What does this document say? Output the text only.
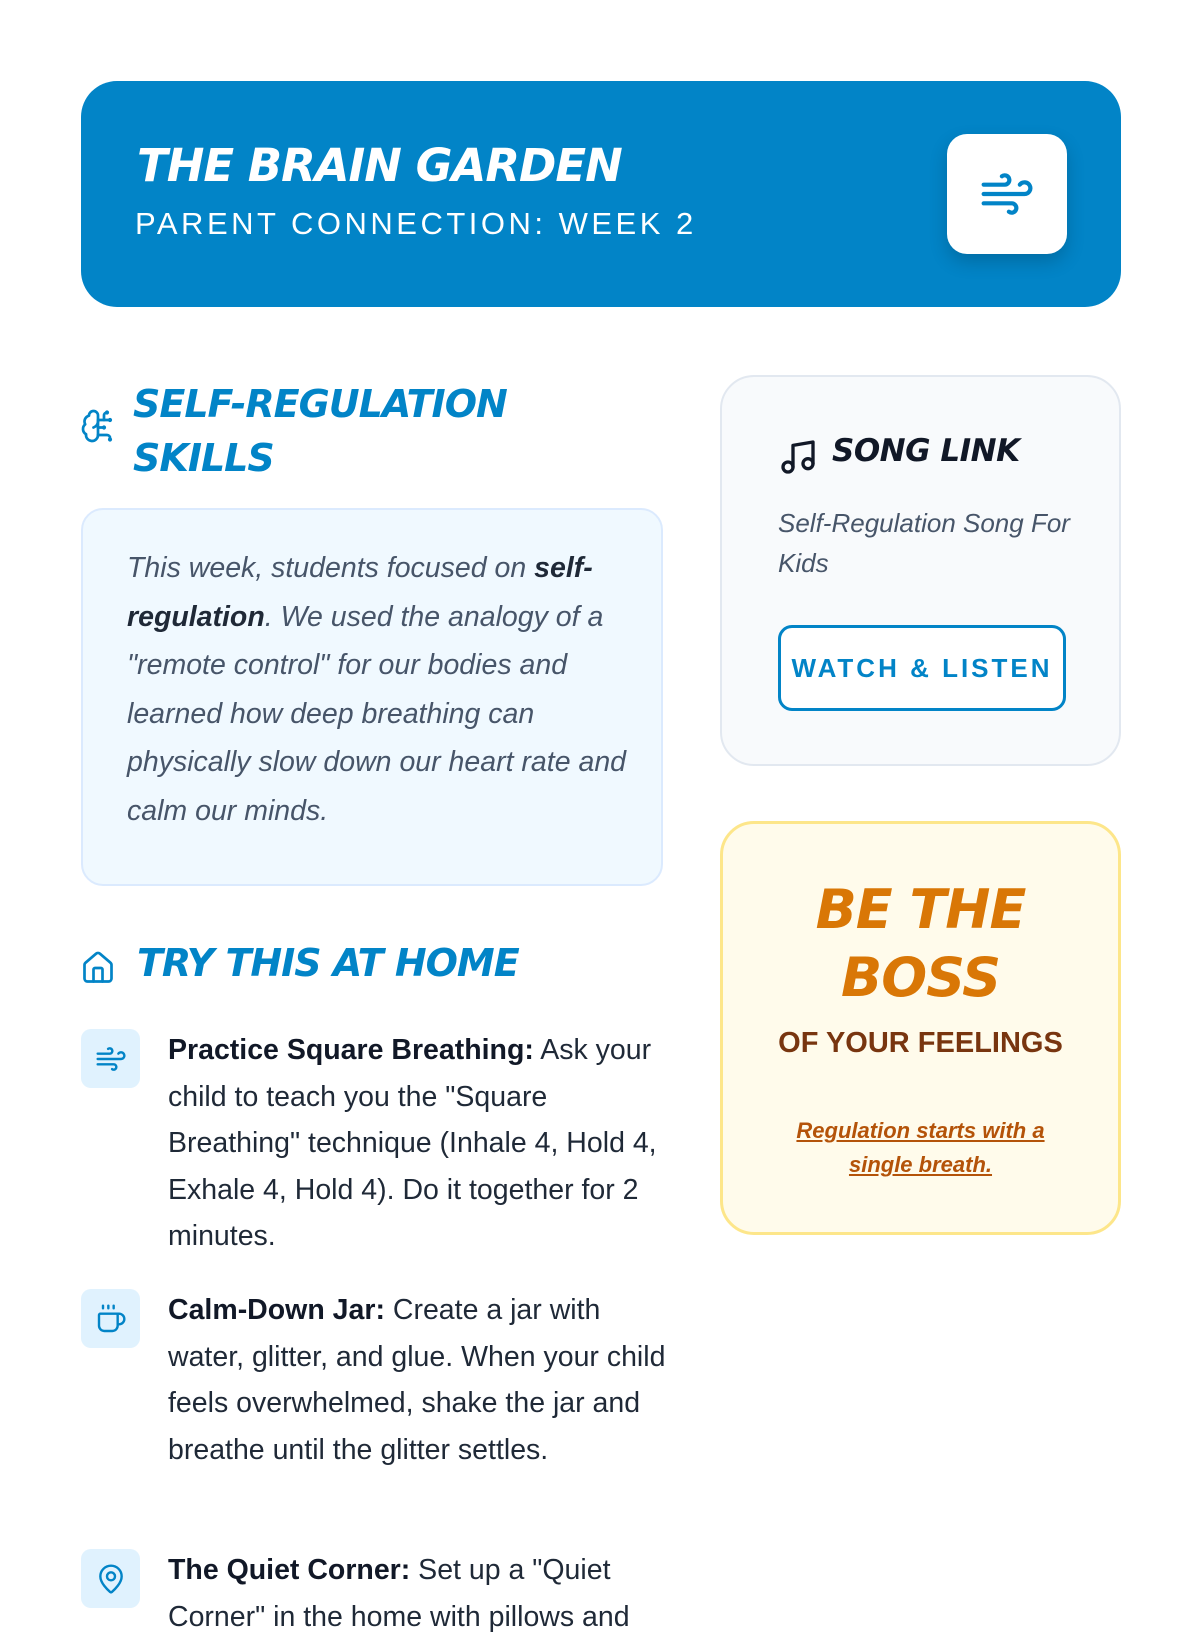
THE BRAIN GARDEN
PARENT CONNECTION: WEEK 2
SELF-REGULATION SKILLS
This week, students focused on self-regulation. We used the analogy of a "remote control" for our bodies and learned how deep breathing can physically slow down our heart rate and calm our minds.
TRY THIS AT HOME
Practice Square Breathing: Ask your child to teach you the "Square Breathing" technique (Inhale 4, Hold 4, Exhale 4, Hold 4). Do it together for 2 minutes.
Calm-Down Jar: Create a jar with water, glitter, and glue. When your child feels overwhelmed, shake the jar and breathe until the glitter settles.
The Quiet Corner: Set up a "Quiet Corner" in the home with pillows and
SONG LINK
Self-Regulation Song For Kids
WATCH & LISTEN
BE THE
BOSS
OF YOUR FEELINGS
Regulation starts with a single breath.
